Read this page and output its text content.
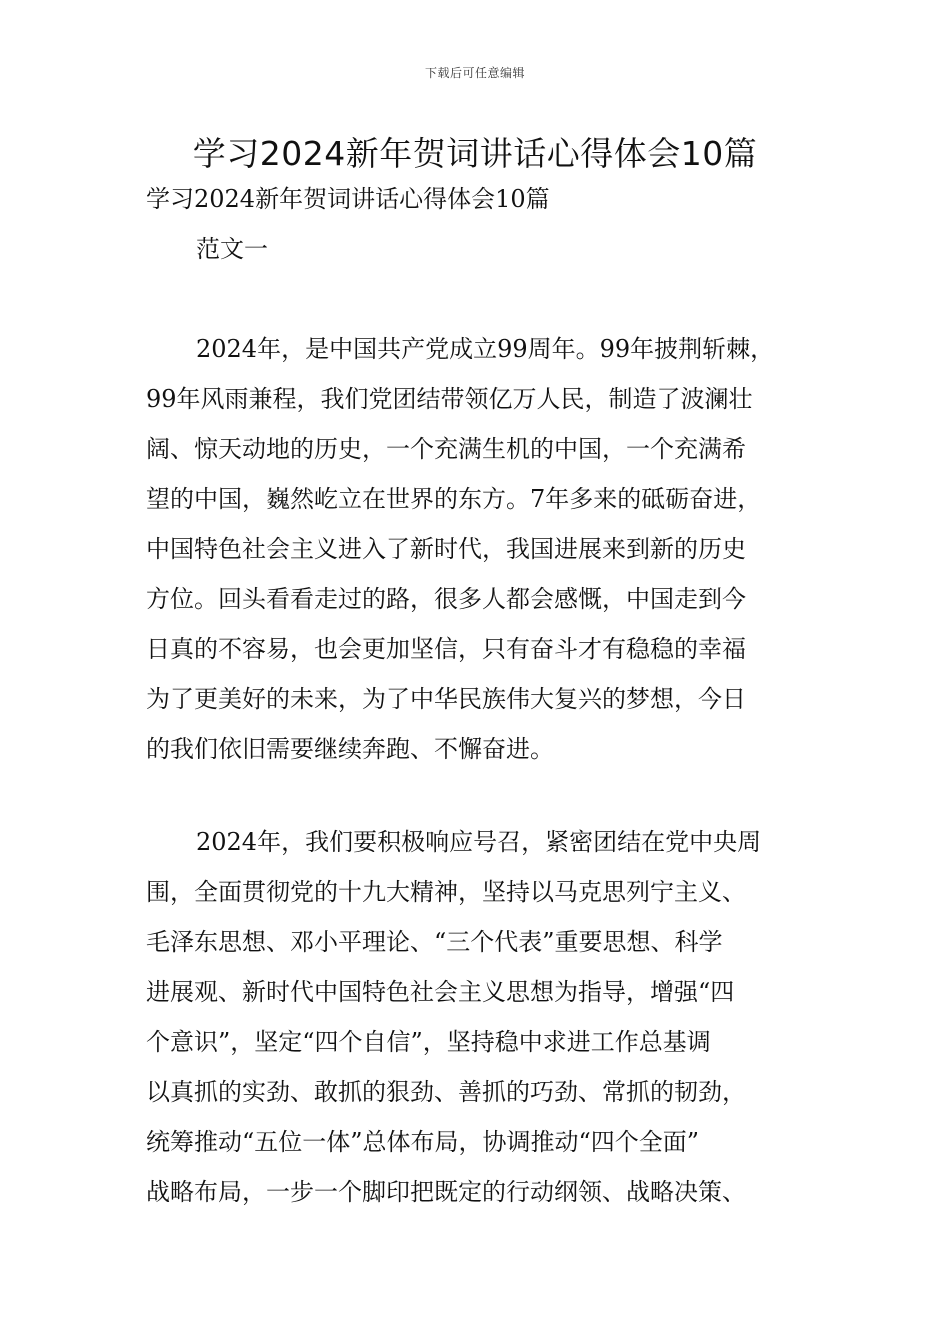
下载后可任意编辑
学习2024新年贺词讲话心得体会10篇
学习2024新年贺词讲话心得体会10篇
范文一
2024年，是中国共产党成立99周年。99年披荆斩棘，
99年风雨兼程，我们党团结带领亿万人民，制造了波澜壮
阔、惊天动地的历史，一个充满生机的中国，一个充满希
望的中国，巍然屹立在世界的东方。7年多来的砥砺奋进，
中国特色社会主义进入了新时代，我国进展来到新的历史
方位。回头看看走过的路，很多人都会感慨，中国走到今
日真的不容易，也会更加坚信，只有奋斗才有稳稳的幸福
为了更美好的未来，为了中华民族伟大复兴的梦想，今日
的我们依旧需要继续奔跑、不懈奋进。
2024年，我们要积极响应号召，紧密团结在党中央周
围，全面贯彻党的十九大精神，坚持以马克思列宁主义、
毛泽东思想、邓小平理论、“三个代表”重要思想、科学
进展观、新时代中国特色社会主义思想为指导，增强“四
个意识”，坚定“四个自信”，坚持稳中求进工作总基调
以真抓的实劲、敢抓的狠劲、善抓的巧劲、常抓的韧劲，
统筹推动“五位一体”总体布局，协调推动“四个全面”
战略布局，一步一个脚印把既定的行动纲领、战略决策、
